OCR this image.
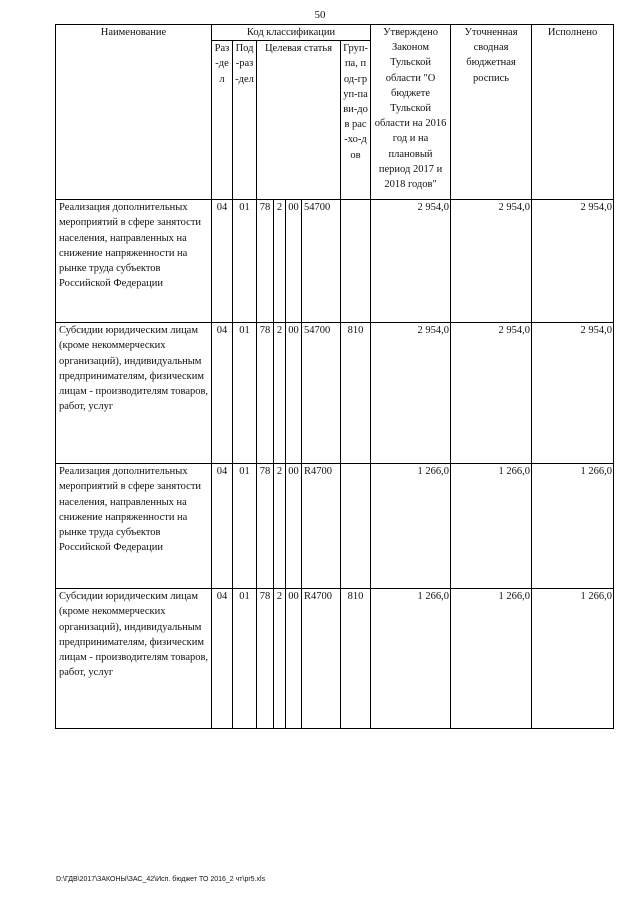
50
Наименование	Код классификации							Утверждено Законом Тульской области "О бюджете Тульской области на 2016 год и на плановый период 2017 и 2018 годов"	Уточненная сводная бюджетная роспись	Исполнено
	Раз-дел	Под-раз-дел	Целевая статья				Груп-па, под-груп-па ви-дов рас-хо-дов			
Реализация дополнительных мероприятий в сфере занятости населения, направленных на снижение напряженности на рынке труда субъектов Российской Федерации	04	01	78	2	00	54700		2 954,0	2 954,0	2 954,0
Субсидии юридическим лицам (кроме некоммерческих организаций), индивидуальным предпринимателям, физическим лицам - производителям товаров, работ, услуг	04	01	78	2	00	54700	810	2 954,0	2 954,0	2 954,0
Реализация дополнительных мероприятий в сфере занятости населения, направленных на снижение напряженности на рынке труда субъектов Российской Федерации	04	01	78	2	00	R4700		1 266,0	1 266,0	1 266,0
Субсидии юридическим лицам (кроме некоммерческих организаций), индивидуальным предпринимателям, физическим лицам - производителям товаров, работ, услуг	04	01	78	2	00	R4700	810	1 266,0	1 266,0	1 266,0
D:\ГДВ\2017\ЗАКОНЫ\ЗАС_42\Исп. бюджет ТО 2016_2 чт\pr5.xls
